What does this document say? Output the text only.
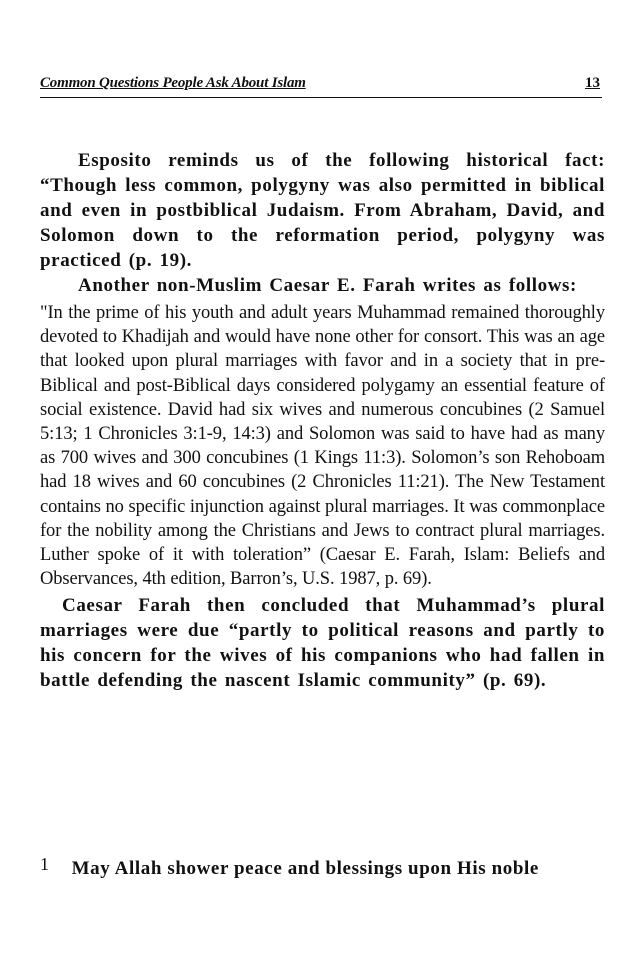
Common Questions People Ask About Islam	13

Esposito reminds us of the following historical fact: “Though less common, polygyny was also permitted in biblical and even in postbiblical Judaism. From Abraham, David, and Solomon down to the reformation period, polygyny was practiced (p. 19).

Another non-Muslim Caesar E. Farah writes as follows:

"In the prime of his youth and adult years Muhammad remained thoroughly devoted to Khadijah and would have none other for consort. This was an age that looked upon plural marriages with favor and in a society that in pre-Biblical and post-Biblical days considered polygamy an essential feature of social existence. David had six wives and numerous concubines (2 Samuel 5:13; 1 Chronicles 3:1-9, 14:3) and Solomon was said to have had as many as 700 wives and 300 concubines (1 Kings 11:3). Solomon’s son Rehoboam had 18 wives and 60 concubines (2 Chronicles 11:21). The New Testament contains no specific injunction against plural marriages. It was commonplace for the nobility among the Christians and Jews to contract plural marriages. Luther spoke of it with toleration” (Caesar E. Farah, Islam: Beliefs and Observances, 4th edition, Barron’s, U.S. 1987, p. 69).

Caesar Farah then concluded that Muhammad’s plural marriages were due “partly to political reasons and partly to his concern for the wives of his companions who had fallen in battle defending the nascent Islamic community” (p. 69).

1 May Allah shower peace and blessings upon His noble
